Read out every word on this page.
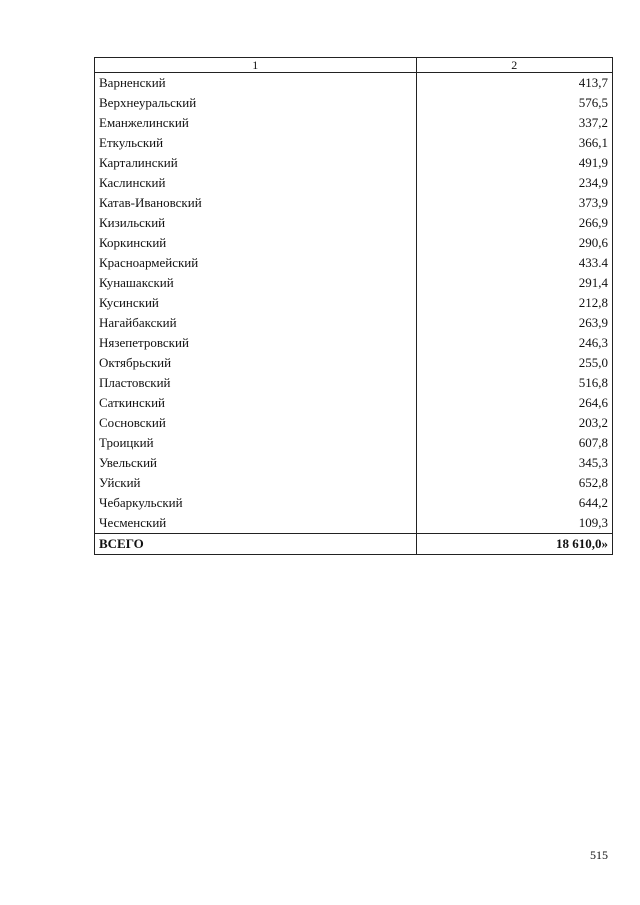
1	2
Варненский	413,7
Верхнеуральский	576,5
Еманжелинский	337,2
Еткульский	366,1
Карталинский	491,9
Каслинский	234,9
Катав-Ивановский	373,9
Кизильский	266,9
Коркинский	290,6
Красноармейский	433.4
Кунашакский	291,4
Кусинский	212,8
Нагайбакский	263,9
Нязепетровский	246,3
Октябрьский	255,0
Пластовский	516,8
Саткинский	264,6
Сосновский	203,2
Троицкий	607,8
Увельский	345,3
Уйский	652,8
Чебаркульский	644,2
Чесменский	109,3
ВСЕГО	18 610,0»
515
